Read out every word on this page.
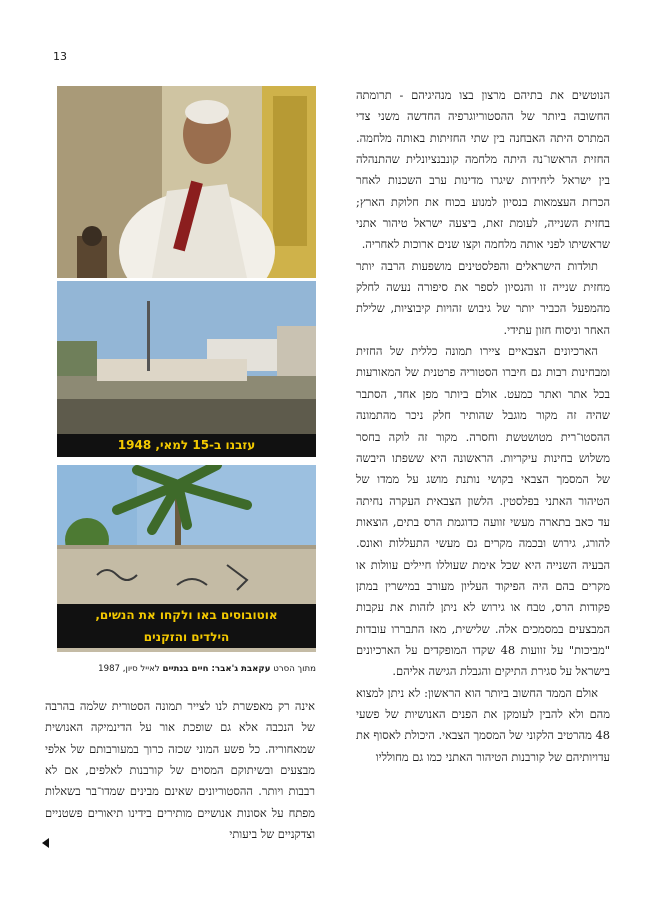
13
עזבנו ב-15 למאי, 1948
אוטובוסים באו ולקחו את הנשים,
הילדים והזקנים
מתוך הסרט עקאבת ג'אבר: חיים בנתיים לאייל סיון, 1987

הנוטשים את בתיהם מרצון בצו מנהיגיהם - תרומתה החשובה ביותר של ההסטוריוגרפיה החדשה משני צדי המתרס היתה האבחנה בין שתי החזיתות באותה מלחמה. החזית הראשו־נה היתה מלחמה קונבנציונלית שהתנהלה בין ישראל ליחידות שיגרו מדינות ערב השכנות לאחר הכרזת העצמאות בנסיון למנוע בכוח את חלוקת הארץ; בחזית השנייה, לעומת זאת, ביצעה ישראל טיהור אתני שראשיתו לפני אותה מלחמה וקצו שנים ארוכות לאחריה.

תולדות הישראלים והפלסטינים מושפעות הרבה יותר מחזית שנייה זו והנסיון לספר את סיפורה נעשה לחלק מהמפעל הכביר יותר של גיבוש זהויות קיבוציות, שלילת האחר וניסוח חזון עתידי.

הארכיונים הצבאיים ציירו תמונה כללית של החזית ומבחינות רבות גם חיברו הסטוריה פרטנית של המאורעות בכל אתר ואתר כמעט. אולם ביותר מפן אחד, הסתבר שהיה זה מקור מוגבל שהותיר חלק ניכר מהתמונה ההסטו־רית מטושטשת וחסרה. מקור זה לוקה בחסר משלוש בחינות עיקריות. הראשונה היא ששפתו היבשה של המסמך הצבאי בקושי נותנת מושג על ממדו של הטיהור האתני בפלסטין. הלשון הצבאית העקרה נחיתה עד כאב בתארה מעשי זוועה כדוגמת הרס בתים, הוצאות להורג, גירוש ובכמה מקרים גם מעשי התעללות ואונס. הבעיה השנייה היא שכל אימת שעוללו חיילים עוולות או מקרים בהם היה הפיקוד העליון מעורב במישרין במתן פקודות הרס, טבח או גירוש לא ניתן לזהות את עקבות המבצעים במסמכים אלה. שלישית, מאז התבררו עובדות "מביכות" על זוועות 48 שקדו המופקדים על הארכיונים בישראל על סגירת התיקים והגבלת הגישה אליהם.

אולם הממד החשוב ביותר הוא הראשון: לא ניתן למצוא מהם ולא להבין לעומקן את הפנים האנושיות של פשעי 48 מהרטיב הלקוני של המסמך הצבאי. היכולת לאסוף את עדויותיהם של קורבנות הטיהור האתני כמו גם מחולליו

אינה רק מאפשרת לנו לצייר תמונה הסטורית שלמה בהרבה של הנכבה אלא גם שופכת אור על הדינמיקה האנושית שמאחוריה. כל פשע המוני שכזה כרוך במעורבותם של אלפי מבצעים ובשיתוקם המסוים של קורבנות לאלפים, אם לא רבבות ויותר. ההסטוריונים שאינם מבינים שמדו־בר בשאלות מפתח על אסונות אנושיים מותירים בידינו תיאורים פשטניים וצדקניים של ביעותי
